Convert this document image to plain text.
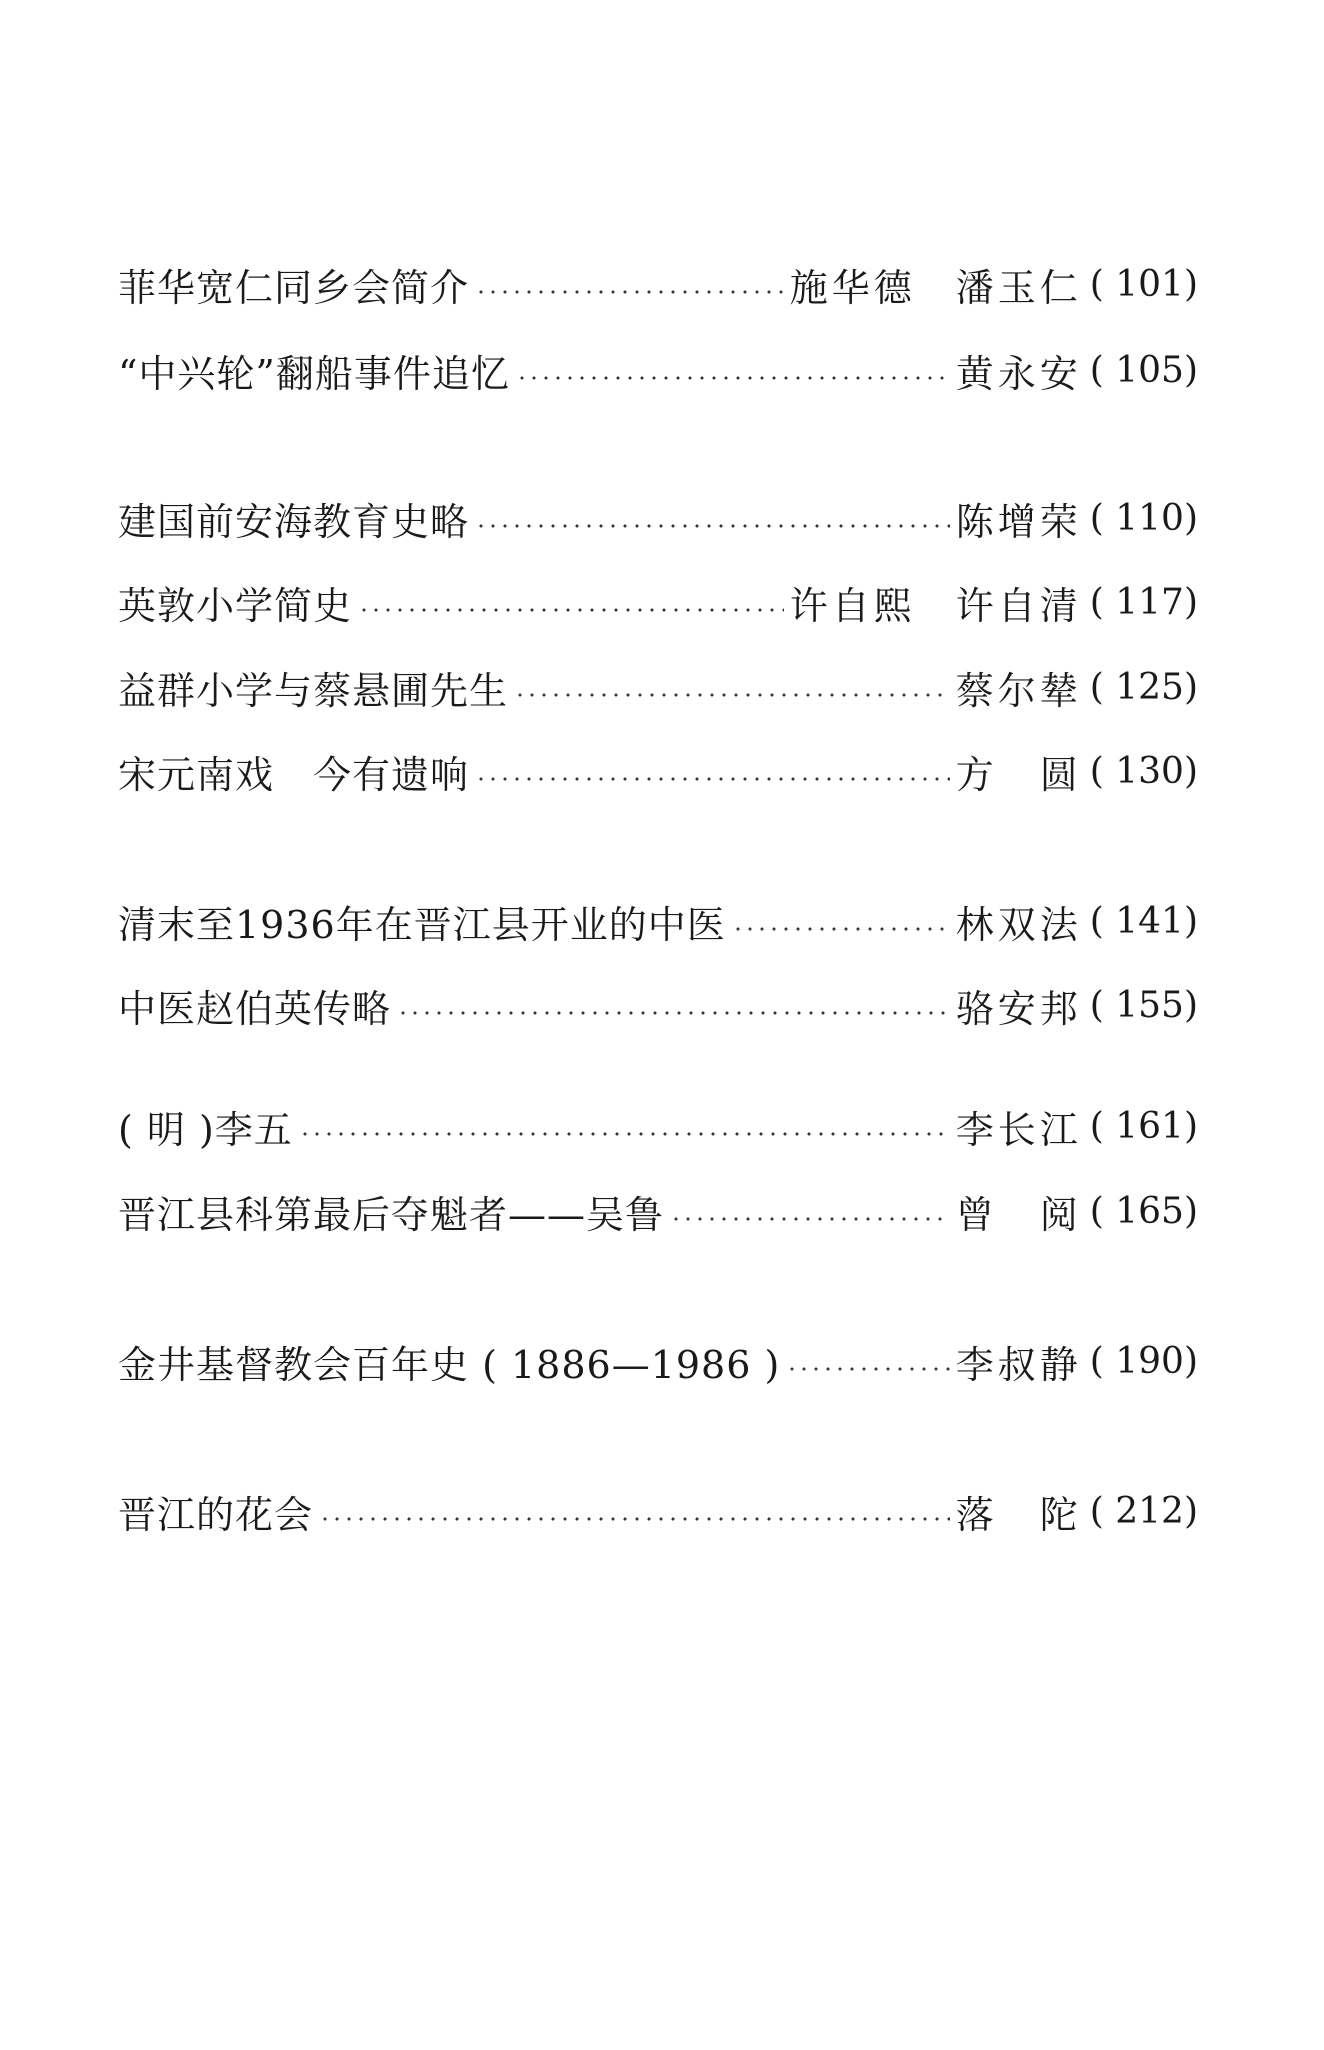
菲华宽仁同乡会简介	施华德 潘玉仁 ( 101)
“中兴轮”翻船事件追忆	黄永安 ( 105)
建国前安海教育史略	陈增荣 ( 110)
英敦小学简史	许自熙 许自清 ( 117)
益群小学与蔡悬圃先生	蔡尔辇 ( 125)
宋元南戏　今有遗响	方　圆 ( 130)
清末至1936年在晋江县开业的中医	林双法 ( 141)
中医赵伯英传略	骆安邦 ( 155)
( 明 )李五	李长江 ( 161)
晋江县科第最后夺魁者——吴鲁	曾　阅 ( 165)
金井基督教会百年史 ( 1886—1986 )	李叔静 ( 190)
晋江的花会	落　陀 ( 212)
